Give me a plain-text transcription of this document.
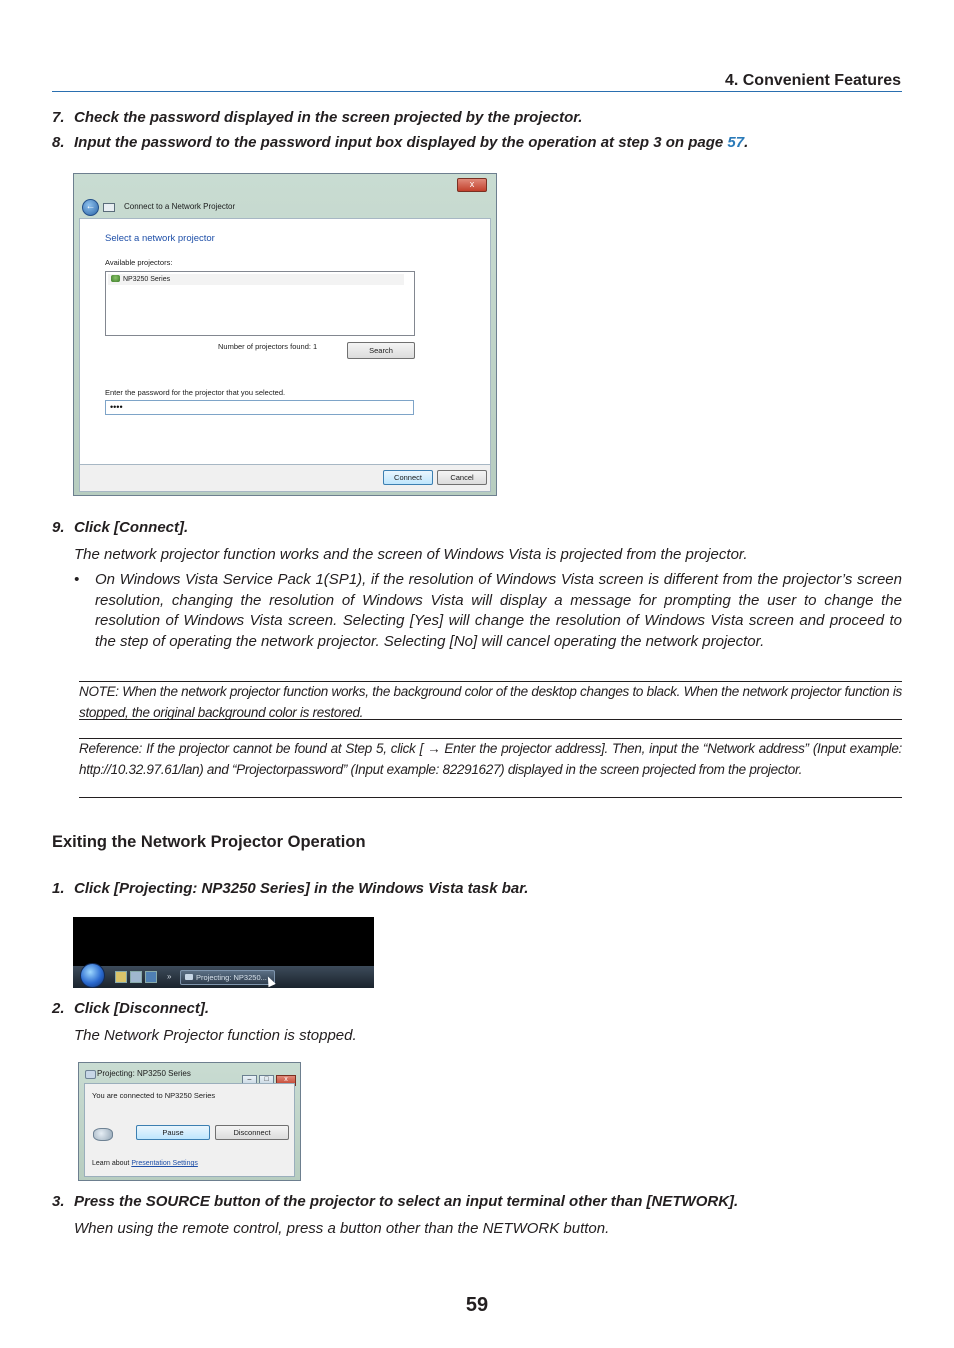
4. Convenient Features
7. Check the password displayed in the screen projected by the projector.
8. Input the password to the password input box displayed by the operation at step 3 on page 57.
x
←	Connect to a Network Projector
Select a network projector
Available projectors:
NP3250 Series
Number of projectors found: 1	Search
Enter the password for the projector that you selected.
••••
Connect	Cancel
9. Click [Connect].
The network projector function works and the screen of Windows Vista is projected from the projector.
• On Windows Vista Service Pack 1(SP1), if the resolution of Windows Vista screen is different from the projector’s screen resolution, changing the resolution of Windows Vista will display a message for prompting the user to change the resolution of Windows Vista screen. Selecting [Yes] will change the resolution of Windows Vista screen and proceed to the step of operating the network projector. Selecting [No] will cancel operating the network projector.
NOTE: When the network projector function works, the background color of the desktop changes to black. When the network projector function is stopped, the original background color is restored.
Reference: If the projector cannot be found at Step 5, click [ → Enter the projector address]. Then, input the “Network address” (Input example: http://10.32.97.61/lan) and “Projectorpassword” (Input example: 82291627) displayed in the screen projected from the projector.
Exiting the Network Projector Operation
1. Click [Projecting: NP3250 Series] in the Windows Vista task bar.
»	Projecting: NP3250...
2. Click [Disconnect].
The Network Projector function is stopped.
Projecting: NP3250 Series
– □ x
You are connected to NP3250 Series
Pause	Disconnect
Learn about Presentation Settings
3. Press the SOURCE button of the projector to select an input terminal other than [NETWORK].
When using the remote control, press a button other than the NETWORK button.
59
